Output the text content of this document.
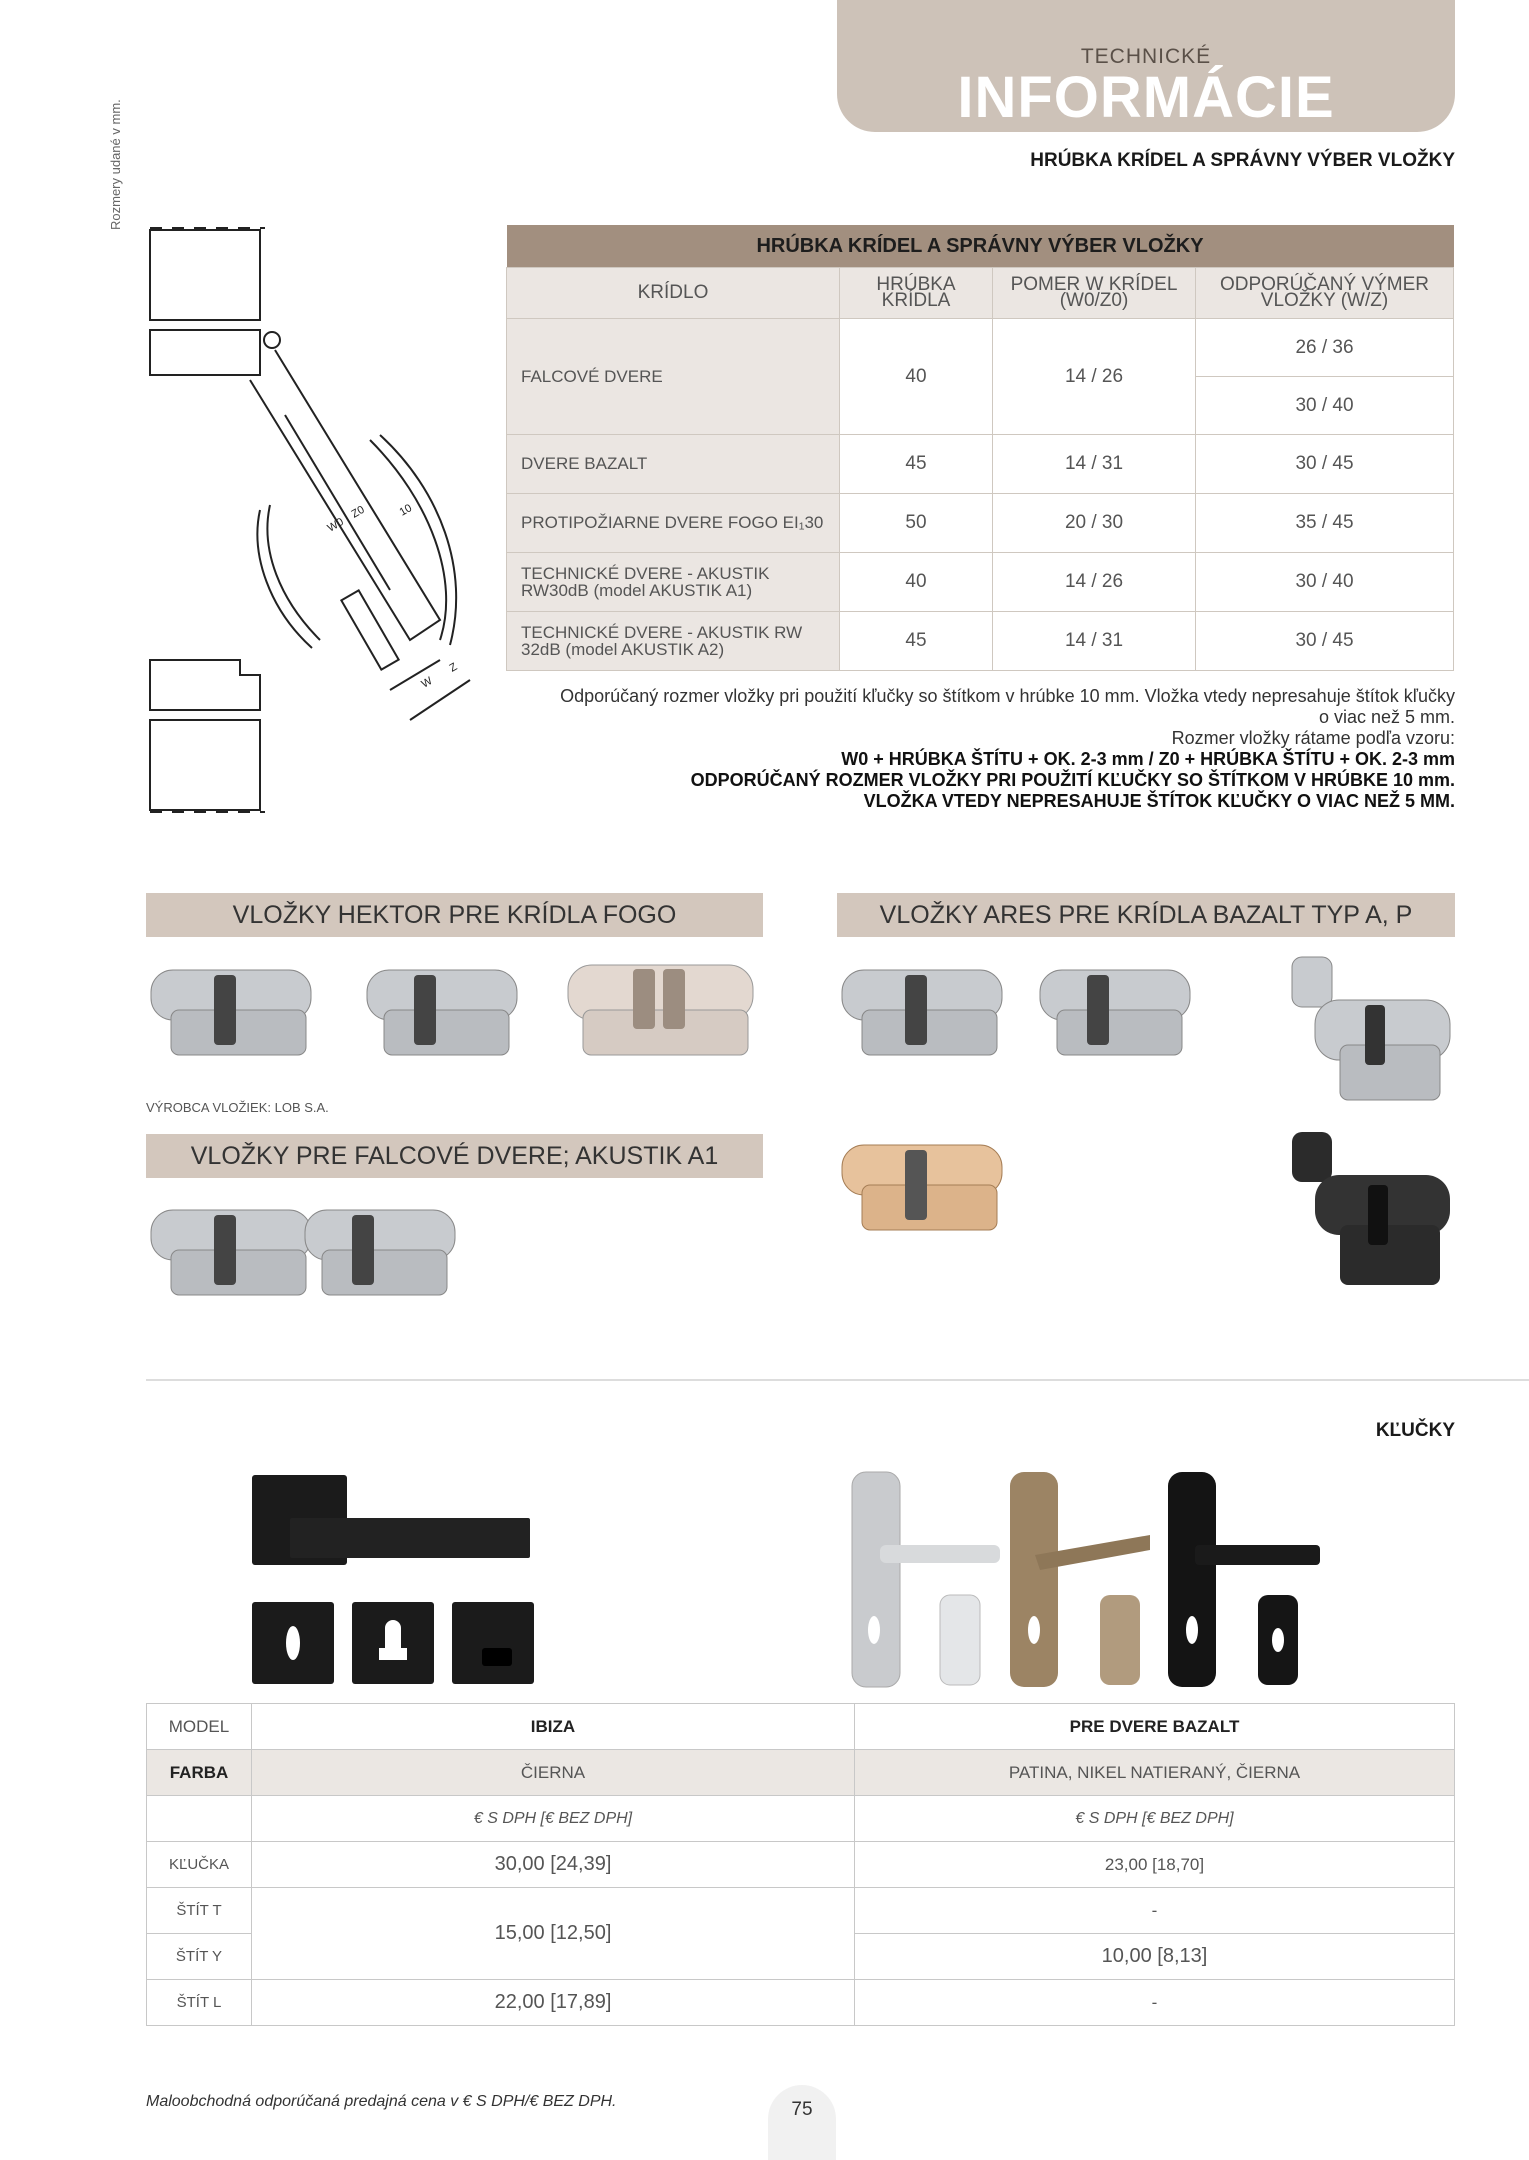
TECHNICKÉ
INFORMÁCIE
HRÚBKA KRÍDEL A SPRÁVNY VÝBER VLOŽKY
Rozmery udané v mm.
W0
Z0	10
W
Z
HRÚBKA KRÍDEL A SPRÁVNY VÝBER VLOŽKY			
KRÍDLO	HRÚBKA KRÍDLA	POMER W KRÍDEL (W0/Z0)	ODPORÚČANÝ VÝMER VLOŽKY (W/Z)
FALCOVÉ DVERE	40	14 / 26	26 / 36
			30 / 40
DVERE BAZALT	45	14 / 31	30 / 45
PROTIPOŽIARNE DVERE FOGO EI₁30	50	20 / 30	35 / 45
TECHNICKÉ DVERE - AKUSTIK RW30dB (model AKUSTIK A1)	40	14 / 26	30 / 40
TECHNICKÉ DVERE - AKUSTIK RW 32dB (model AKUSTIK A2)	45	14 / 31	30 / 45
Odporúčaný rozmer vložky pri použití kľučky so štítkom v hrúbke 10 mm. Vložka vtedy nepresahuje štítok kľučky o viac než 5 mm.
Rozmer vložky rátame podľa vzoru:
W0 + HRÚBKA ŠTÍTU + OK. 2-3 mm / Z0 + HRÚBKA ŠTÍTU + OK. 2-3 mm
ODPORÚČANÝ ROZMER VLOŽKY PRI POUŽITÍ KĽUČKY SO ŠTÍTKOM V HRÚBKE 10 mm.
VLOŽKA VTEDY NEPRESAHUJE ŠTÍTOK KĽUČKY O VIAC NEŽ 5 MM.
VLOŽKY HEKTOR PRE KRÍDLA FOGO	VLOŽKY ARES PRE KRÍDLA BAZALT TYP A, P
VLOŽKY PRE FALCOVÉ DVERE; AKUSTIK A1
VÝROBCA VLOŽIEK: LOB S.A.
KĽUČKY
MODEL	IBIZA	PRE DVERE BAZALT
FARBA	ČIERNA	PATINA, NIKEL NATIERANÝ, ČIERNA
	€ S DPH [€ BEZ DPH]	€ S DPH [€ BEZ DPH]
KĽUČKA	30,00 [24,39]	23,00 [18,70]
ŠTÍT T	15,00 [12,50]	-
ŠTÍT Y		10,00 [8,13]
ŠTÍT L	22,00 [17,89]	-
Maloobchodná odporúčaná predajná cena v € S DPH/€ BEZ DPH.	75
